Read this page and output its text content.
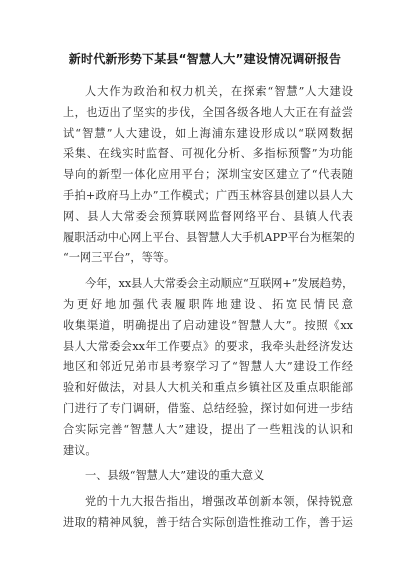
新时代新形势下某县“智慧人大”建设情况调研报告
人大作为政治和权力机关，在探索“智慧”人大建设
上，也迈出了坚实的步伐，全国各级各地人大正在有益尝
试“智慧”人大建设，如上海浦东建设形成以“联网数据
采集、在线实时监督、可视化分析、多指标预警”为功能
导向的新型一体化应用平台；深圳宝安区建立了“代表随
手拍+政府马上办”工作模式；广西玉林容县创建以县人大
网、县人大常委会预算联网监督网络平台、县镇人代表
履职活动中心网上平台、县智慧人大手机APP平台为框架的
“一网三平台”，等等。
今年，xx县人大常委会主动顺应“互联网+”发展趋势，
为更好地加强代表履职阵地建设、拓宽民情民意
收集渠道，明确提出了启动建设“智慧人大”。按照《xx
县人大常委会xx年工作要点》的要求，我牵头赴经济发达
地区和邻近兄弟市县考察学习了“智慧人大”建设工作经
验和好做法，对县人大机关和重点乡镇社区及重点职能部
门进行了专门调研，借鉴、总结经验，探讨如何进一步结
合实际完善“智慧人大”建设，提出了一些粗浅的认识和
建议。
一、县级“智慧人大”建设的重大意义
党的十九大报告指出，增强改革创新本领，保持锐意
进取的精神风貌，善于结合实际创造性推动工作，善于运
